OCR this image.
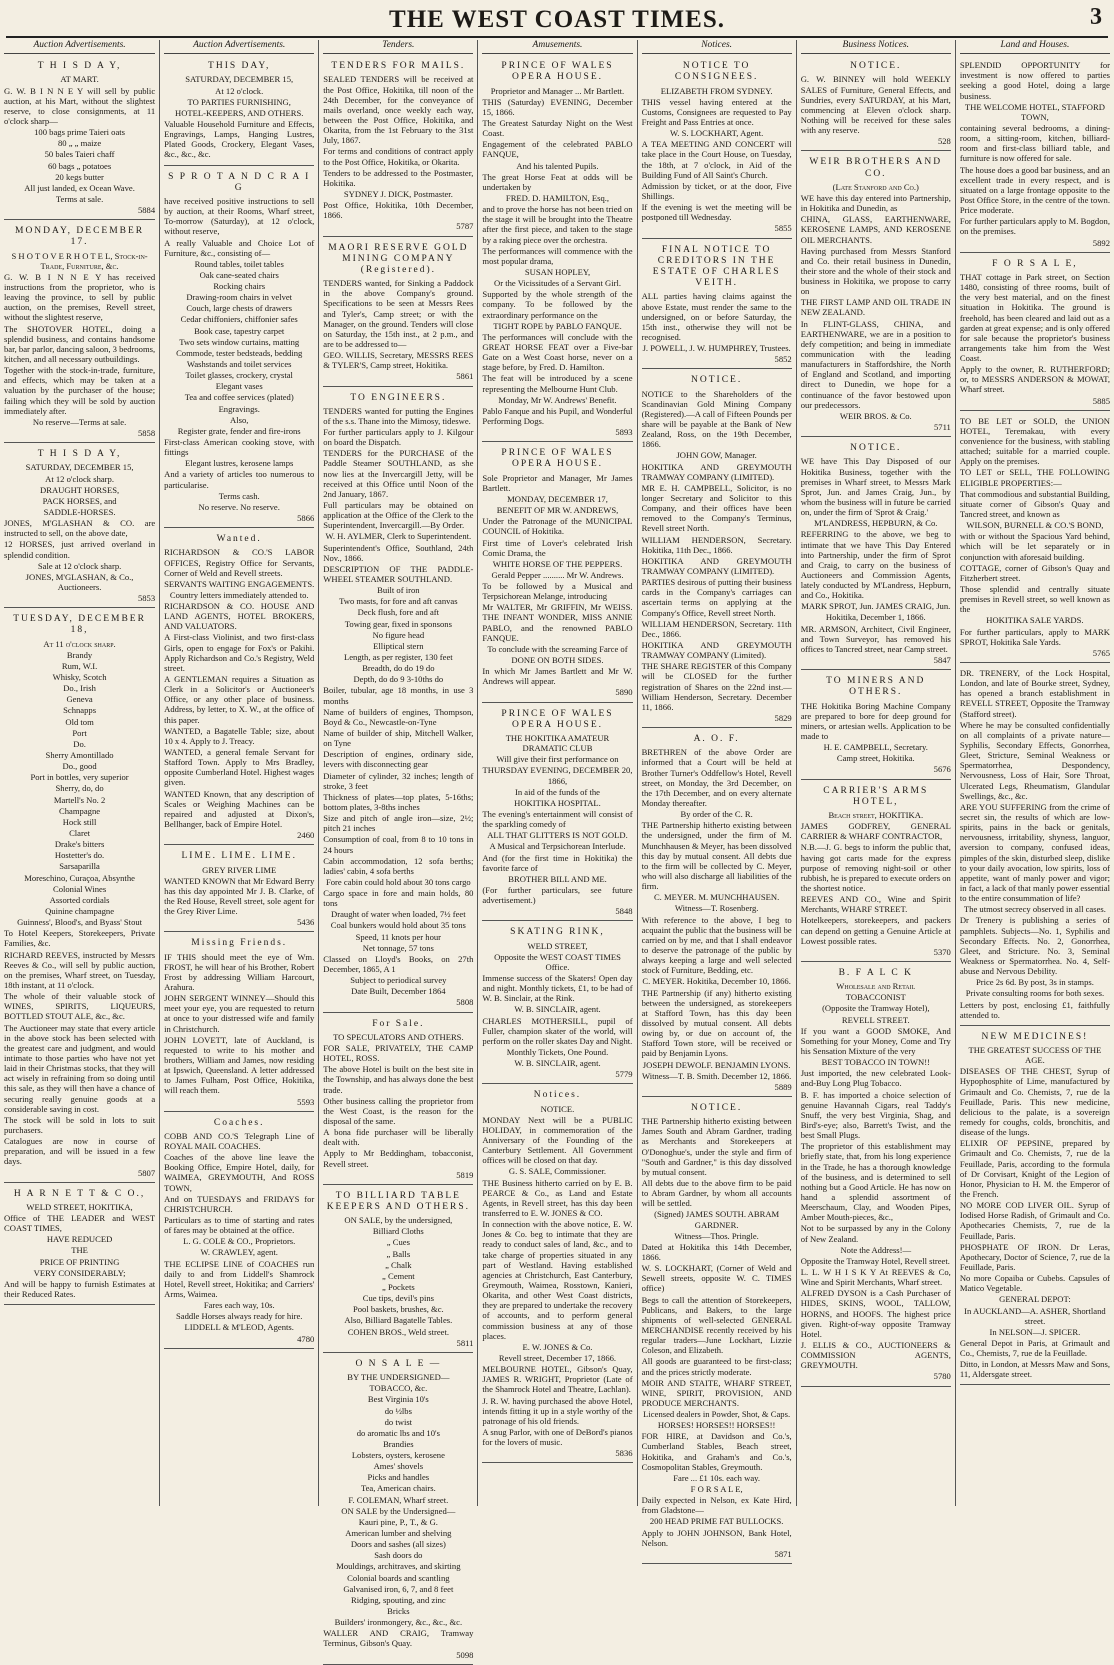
THE WEST COAST TIMES.	3
Auction Advertisements.
T H I S D A Y,
AT MART.

G. W. B I N N E Y will sell by public auction, at his Mart, without the slightest reserve, to close consignments, at 11 o'clock sharp—

100 bags prime Taieri oats

80 „ „ maize

50 bales Taieri chaff

60 bags „ potatoes

20 kegs butter

All just landed, ex Ocean Wave.

Terms at sale.

5884
MONDAY, DECEMBER 17.
S H O T O V E R H O T E L, Stock-in-Trade, Furniture, &c.

G. W. B I N N E Y has received instructions from the proprietor, who is leaving the province, to sell by public auction, on the premises, Revell street, without the slightest reserve,

The SHOTOVER HOTEL, doing a splendid business, and contains handsome bar, bar parlor, dancing saloon, 3 bedrooms, kitchen, and all necessary outbuildings.

Together with the stock-in-trade, furniture, and effects, which may be taken at a valuation by the purchaser of the house; failing which they will be sold by auction immediately after.

No reserve—Terms at sale.

5858
T H I S D A Y,
SATURDAY, DECEMBER 15,

At 12 o'clock sharp.

DRAUGHT HORSES,

PACK HORSES, and

SADDLE-HORSES.

JONES, M'GLASHAN & CO. are instructed to sell, on the above date,

12 HORSES, just arrived overland in splendid condition.

Sale at 12 o'clock sharp.

JONES, M'GLASHAN, & Co., Auctioneers.

5853
TUESDAY, DECEMBER 18,
At 11 o'clock sharp.

Brandy

Rum, W.I.

Whisky, Scotch

Do., Irish

Geneva

Schnapps

Old tom

Port

Do.

Sherry Amontillado

Do., good

Port in bottles, very superior

Sherry, do, do

Martell's No. 2

Champagne

Hock still

Claret

Drake's bitters

Hostetter's do.

Sarsaparilla

Moreschino, Curaçoa, Absynthe

Colonial Wines

Assorted cordials

Quinine champagne

Guinness', Blood's, and Byass' Stout

To Hotel Keepers, Storekeepers, Private Families, &c.

RICHARD REEVES, instructed by Messrs Reeves & Co., will sell by public auction, on the premises, Wharf street, on Tuesday, 18th instant, at 11 o'clock.

The whole of their valuable stock of WINES, SPIRITS, LIQUEURS, BOTTLED STOUT ALE, &c., &c.

The Auctioneer may state that every article in the above stock has been selected with the greatest care and judgment, and would intimate to those parties who have not yet laid in their Christmas stocks, that they will act wisely in refraining from so doing until this sale, as they will then have a chance of securing really genuine goods at a considerable saving in cost.

The stock will be sold in lots to suit purchasers.

Catalogues are now in course of preparation, and will be issued in a few days.

5807
H A R N E T T & C O.,
WELD STREET, HOKITIKA,

Office of THE LEADER and WEST COAST TIMES,

HAVE REDUCED

THE

PRICE OF PRINTING

VERY CONSIDERABLY;

And will be happy to furnish Estimates at their Reduced Rates.

Auction Advertisements.
THIS DAY,
SATURDAY, DECEMBER 15,

At 12 o'clock.

TO PARTIES FURNISHING,

HOTEL-KEEPERS, AND OTHERS.

Valuable Household Furniture and Effects, Engravings, Lamps, Hanging Lustres, Plated Goods, Crockery, Elegant Vases, &c., &c., &c.

S P R O T A N D C R A I G

have received positive instructions to sell by auction, at their Rooms, Wharf street, To-morrow (Saturday), at 12 o'clock, without reserve,

A really Valuable and Choice Lot of Furniture, &c., consisting of—

Round tables, toilet tables

Oak cane-seated chairs

Rocking chairs

Drawing-room chairs in velvet

Couch, large chests of drawers

Cedar chiffoniers, chiffonier safes

Book case, tapestry carpet

Two sets window curtains, matting

Commode, tester bedsteads, bedding

Washstands and toilet services

Toilet glasses, crockery, crystal

Elegant vases

Tea and coffee services (plated)

Engravings.

Also,

Register grate, fender and fire-irons

First-class American cooking stove, with fittings

Elegant lustres, kerosene lamps

And a variety of articles too numerous to particularise.

Terms cash.

No reserve. No reserve.

5866
Wanted.

RICHARDSON & CO.'S LABOR OFFICES, Registry Office for Servants, Corner of Weld and Revell streets.

SERVANTS WAITING ENGAGEMENTS.

Country letters immediately attended to.

RICHARDSON & CO. HOUSE AND LAND AGENTS, HOTEL BROKERS, AND VALUATORS.

A First-class Violinist, and two first-class Girls, open to engage for Fox's or Pakihi. Apply Richardson and Co.'s Registry, Weld street.

A GENTLEMAN requires a Situation as Clerk in a Solicitor's or Auctioneer's Office, or any other place of business. Address, by letter, to X. W., at the office of this paper.

WANTED, a Bagatelle Table; size, about 10 x 4. Apply to J. Treacy.

WANTED, a general female Servant for Stafford Town. Apply to Mrs Bradley, opposite Cumberland Hotel. Highest wages given.

WANTED Known, that any description of Scales or Weighing Machines can be repaired and adjusted at Dixon's, Bellhanger, back of Empire Hotel.

2460
LIME. LIME. LIME.
GREY RIVER LIME

WANTED KNOWN that Mr Edward Berry has this day appointed Mr J. B. Clarke, of the Red House, Revell street, sole agent for the Grey River Lime.

5436
Missing Friends.

IF THIS should meet the eye of Wm. FROST, he will hear of his Brother, Robert Frost by addressing William Harcourt, Arahura.

JOHN SERGENT WINNEY—Should this meet your eye, you are requested to return at once to your distressed wife and family in Christchurch.

JOHN LOVETT, late of Auckland, is requested to write to his mother and brothers, William and James, now residing at Ipswich, Queensland. A letter addressed to James Fulham, Post Office, Hokitika, will reach them.

5593
Coaches.

COBB AND CO.'S Telegraph Line of ROYAL MAIL COACHES.

Coaches of the above line leave the Booking Office, Empire Hotel, daily, for WAIMEA, GREYMOUTH, And ROSS TOWN,

And on TUESDAYS and FRIDAYS for CHRISTCHURCH.

Particulars as to time of starting and rates of fares may be obtained at the office.

L. G. COLE & CO., Proprietors.

W. CRAWLEY, agent.

THE ECLIPSE LINE of COACHES run daily to and from Liddell's Shamrock Hotel, Revell street, Hokitika; and Carriers' Arms, Waimea.

Fares each way, 10s.

Saddle Horses always ready for hire.

LIDDELL & M'LEOD, Agents.

4780
Tenders.
TENDERS FOR MAILS.

SEALED TENDERS will be received at the Post Office, Hokitika, till noon of the 24th December, for the conveyance of mails overland, once weekly each way, between the Post Office, Hokitika, and Okarita, from the 1st February to the 31st July, 1867.

For terms and conditions of contract apply to the Post Office, Hokitika, or Okarita.

Tenders to be addressed to the Postmaster, Hokitika.

SYDNEY J. DICK, Postmaster.

Post Office, Hokitika, 10th December, 1866.

5787
MAORI RESERVE GOLD MINING COMPANY (Registered).

TENDERS wanted, for Sinking a Paddock in the above Company's ground. Specifications to be seen at Messrs Rees and Tyler's, Camp street; or with the Manager, on the ground. Tenders will close on Saturday, the 15th inst., at 2 p.m., and are to be addressed to—

GEO. WILLIS, Secretary, MESSRS REES & TYLER'S, Camp street, Hokitika.

5861
TO ENGINEERS.

TENDERS wanted for putting the Engines of the s.s. Thane into the Mimosy, tideswe.

For further particulars apply to J. Kilgour on board the Dispatch.

TENDERS for the PURCHASE of the Paddle Steamer SOUTHLAND, as she now lies at the Invercargill Jetty, will be received at this Office until Noon of the 2nd January, 1867.

Full particulars may be obtained on application at the Office of the Clerk to the Superintendent, Invercargill.—By Order.

W. H. AYLMER, Clerk to Superintendent.

Superintendent's Office, Southland, 24th Nov., 1866.

DESCRIPTION OF THE PADDLE-WHEEL STEAMER SOUTHLAND.

Built of iron

Two masts, for fore and aft canvas

Deck flush, fore and aft

Towing gear, fixed in sponsons

No figure head

Elliptical stern

Length, as per register, 130 feet

Breadth, do do 19 do

Depth, do do 9 3-10ths do

Boiler, tubular, age 18 months, in use 3 months

Name of builders of engines, Thompson, Boyd & Co., Newcastle-on-Tyne

Name of builder of ship, Mitchell Walker, on Tyne

Description of engines, ordinary side, levers with disconnecting gear

Diameter of cylinder, 32 inches; length of stroke, 3 feet

Thickness of plates—top plates, 5-16ths; bottom plates, 3-8ths inches

Size and pitch of angle iron—size, 2½; pitch 21 inches

Consumption of coal, from 8 to 10 tons in 24 hours

Cabin accommodation, 12 sofa berths; ladies' cabin, 4 sofa berths

Fore cabin could hold about 30 tons cargo

Cargo space in fore and main holds, 80 tons

Draught of water when loaded, 7½ feet

Coal bunkers would hold about 35 tons

Speed, 11 knots per hour

Net tonnage, 57 tons

Classed on Lloyd's Books, on 27th December, 1865, A 1

Subject to periodical survey

Date Built, December 1864

5808
For Sale.
TO SPECULATORS AND OTHERS.

FOR SALE, PRIVATELY, THE CAMP HOTEL, ROSS.

The above Hotel is built on the best site in the Township, and has always done the best trade.

Other business calling the proprietor from the West Coast, is the reason for the disposal of the same.

A bona fide purchaser will be liberally dealt with.

Apply to Mr Beddingham, tobacconist, Revell street.

5819
TO BILLIARD TABLE KEEPERS AND OTHERS.

ON SALE, by the undersigned,

Billiard Cloths

„ Cues

„ Balls

„ Chalk

„ Cement

„ Pockets

Cue tips, devil's pins

Pool baskets, brushes, &c.

Also, Billiard Bagatelle Tables.

COHEN BROS., Weld street.

5811
O N S A L E —
BY THE UNDERSIGNED—

TOBACCO, &c.

Best Virginia 10's

do ½lbs

do twist

do aromatic lbs and 10's

Brandies

Lobsters, oysters, kerosene

Ames' shovels

Picks and handles

Tea, American chairs.

F. COLEMAN, Wharf street.

ON SALE by the Undersigned—

Kauri pine, P., T., & G.

American lumber and shelving

Doors and sashes (all sizes)

Sash doors do

Mouldings, architraves, and skirting

Colonial boards and scantling

Galvanised iron, 6, 7, and 8 feet

Ridging, spouting, and zinc

Bricks

Builders' ironmongery, &c., &c., &c.

WALLER AND CRAIG, Tramway Terminus, Gibson's Quay.

5098
Amusements.
PRINCE OF WALES OPERA HOUSE.

Proprietor and Manager ... Mr Bartlett.

THIS (Saturday) EVENING, December 15, 1866.

The Greatest Saturday Night on the West Coast.

Engagement of the celebrated PABLO FANQUE,

And his talented Pupils.

The great Horse Feat at odds will be undertaken by

FRED. D. HAMILTON, Esq.,

and to prove the horse has not been tried on the stage it will be brought into the Theatre after the first piece, and taken to the stage by a raking piece over the orchestra.

The performances will commence with the most popular drama,

SUSAN HOPLEY,

Or the Vicissitudes of a Servant Girl.

Supported by the whole strength of the company. To be followed by the extraordinary performance on the

TIGHT ROPE by PABLO FANQUE.

The performances will conclude with the GREAT HORSE FEAT over a Five-bar Gate on a West Coast horse, never on a stage before, by Fred. D. Hamilton.

The feat will be introduced by a scene representing the Melbourne Hunt Club.

Monday, Mr W. Andrews' Benefit.

Pablo Fanque and his Pupil, and Wonderful Performing Dogs.

5893
PRINCE OF WALES OPERA HOUSE.

Sole Proprietor and Manager, Mr James Bartlett.

MONDAY, DECEMBER 17,

BENEFIT OF MR W. ANDREWS,

Under the Patronage of the MUNICIPAL COUNCIL of Hokitika.

First time of Lover's celebrated Irish Comic Drama, the

WHITE HORSE OF THE PEPPERS.

Gerald Pepper .......... Mr W. Andrews.

To be followed by a Musical and Terpsichorean Melange, introducing

Mr WALTER, Mr GRIFFIN, Mr WEISS. THE INFANT WONDER, MISS ANNIE PABLO, and the renowned PABLO FANQUE.

To conclude with the screaming Farce of

DONE ON BOTH SIDES.

In which Mr James Bartlett and Mr W. Andrews will appear.

5890
PRINCE OF WALES OPERA HOUSE.
THE HOKITIKA AMATEUR DRAMATIC CLUB

Will give their first performance on

THURSDAY EVENING, DECEMBER 20, 1866,

In aid of the funds of the

HOKITIKA HOSPITAL.

The evening's entertainment will consist of the sparkling comedy of

ALL THAT GLITTERS IS NOT GOLD.

A Musical and Terpsichorean Interlude.

And (for the first time in Hokitika) the favorite farce of

BROTHER BILL AND ME.

(For further particulars, see future advertisement.)

5848
SKATING RINK,
WELD STREET,

Opposite the WEST COAST TIMES Office.

Immense success of the Skaters! Open day and night. Monthly tickets, £1, to be had of W. B. Sinclair, at the Rink.

W. B. SINCLAIR, agent.

CHARLES MOTHERSILL, pupil of Fuller, champion skater of the world, will perform on the roller skates Day and Night.

Monthly Tickets, One Pound.

W. B. SINCLAIR, agent.

5779
Notices.
NOTICE.

MONDAY Next will be a PUBLIC HOLIDAY, in commemoration of the Anniversary of the Founding of the Canterbury Settlement. All Government offices will be closed on that day.

G. S. SALE, Commissioner.

THE Business hitherto carried on by E. B. PEARCE & Co., as Land and Estate Agents, in Revell street, has this day been transferred to E. W. JONES & CO.

In connection with the above notice, E. W. Jones & Co. beg to intimate that they are ready to conduct sales of land, &c., and to take charge of properties situated in any part of Westland. Having established agencies at Christchurch, East Canterbury, Greymouth, Waimea, Rosstown, Kanieri, Okarita, and other West Coast districts, they are prepared to undertake the recovery of accounts, and to perform general commission business at any of those places.

E. W. JONES & Co.

Revell street, December 17, 1866.

MELBOURNE HOTEL, Gibson's Quay, JAMES R. WRIGHT, Proprietor (Late of the Shamrock Hotel and Theatre, Lachlan).

J. R. W. having purchased the above Hotel, intends fitting it up in a style worthy of the patronage of his old friends.

A snug Parlor, with one of DeBord's pianos for the lovers of music.

5836
Notices.
NOTICE TO CONSIGNEES.
ELIZABETH FROM SYDNEY.

THIS vessel having entered at the Customs, Consignees are requested to Pay Freight and Pass Entries at once.

W. S. LOCKHART, Agent.

A TEA MEETING AND CONCERT will take place in the Court House, on Tuesday, the 18th, at 7 o'clock, in Aid of the Building Fund of All Saint's Church.

Admission by ticket, or at the door, Five Shillings.

If the evening is wet the meeting will be postponed till Wednesday.

5855
FINAL NOTICE TO CREDITORS IN THE ESTATE OF CHARLES VEITH.

ALL parties having claims against the above Estate, must render the same to the undersigned, on or before Saturday, the 15th inst., otherwise they will not be recognised.

J. POWELL, J. W. HUMPHREY, Trustees.

5852
NOTICE.

NOTICE to the Shareholders of the Scandinavian Gold Mining Company (Registered).—A call of Fifteen Pounds per share will be payable at the Bank of New Zealand, Ross, on the 19th December, 1866.

JOHN GOW, Manager.

HOKITIKA AND GREYMOUTH TRAMWAY COMPANY (LIMITED).

MR E. H. CAMPBELL, Solicitor, is no longer Secretary and Solicitor to this Company, and their offices have been removed to the Company's Terminus, Revell street North.

WILLIAM HENDERSON, Secretary. Hokitika, 11th Dec., 1866.

HOKITIKA AND GREYMOUTH TRAMWAY COMPANY (LIMITED).

PARTIES desirous of putting their business cards in the Company's carriages can ascertain terms on applying at the Company's Office, Revell street North.

WILLIAM HENDERSON, Secretary. 11th Dec., 1866.

HOKITIKA AND GREYMOUTH TRAMWAY COMPANY (Limited).

THE SHARE REGISTER of this Company will be CLOSED for the further registration of Shares on the 22nd inst.—William Henderson, Secretary. December 11, 1866.

5829
A. O. F.

BRETHREN of the above Order are informed that a Court will be held at Brother Turner's Oddfellow's Hotel, Revell street, on Monday, the 3rd December, on the 17th December, and on every alternate Monday thereafter.

By order of the C. R.

THE Partnership hitherto existing between the undersigned, under the firm of M. Munchhausen & Meyer, has been dissolved this day by mutual consent. All debts due to the firm will be collected by C. Meyer, who will also discharge all liabilities of the firm.

C. MEYER. M. MUNCHHAUSEN.

Witness—T. Rosenberg.

With reference to the above, I beg to acquaint the public that the business will be carried on by me, and that I shall endeavor to deserve the patronage of the public by always keeping a large and well selected stock of Furniture, Bedding, etc.

C. MEYER. Hokitika, December 10, 1866.

THE Partnership (if any) hitherto existing between the undersigned, as storekeepers at Stafford Town, has this day been dissolved by mutual consent. All debts owing by, or due on account of, the Stafford Town store, will be received or paid by Benjamin Lyons.

JOSEPH DEWOLF. BENJAMIN LYONS.

Witness—T. B. Smith. December 12, 1866.

5889
NOTICE.

THE Partnership hitherto existing between James South and Abram Gardner, trading as Merchants and Storekeepers at O'Donoghue's, under the style and firm of "South and Gardner," is this day dissolved by mutual consent.

All debts due to the above firm to be paid to Abram Gardner, by whom all accounts will be settled.

(Signed) JAMES SOUTH. ABRAM GARDNER.

Witness—Thos. Pringle.

Dated at Hokitika this 14th December, 1866.

W. S. LOCKHART, (Corner of Weld and Sewell streets, opposite W. C. TIMES office)

Begs to call the attention of Storekeepers, Publicans, and Bakers, to the large shipments of well-selected GENERAL MERCHANDISE recently received by his regular traders—June Lockhart, Lizzie Coleson, and Elizabeth.

All goods are guaranteed to be first-class; and the prices strictly moderate.

MOIR AND STAITE, WHARF STREET, WINE, SPIRIT, PROVISION, AND PRODUCE MERCHANTS.

Licensed dealers in Powder, Shot, & Caps.

HORSES! HORSES!! HORSES!!

FOR HIRE, at Davidson and Co.'s, Cumberland Stables, Beach street, Hokitika, and Graham's and Co.'s, Cosmopolitan Stables, Greymouth.

Fare ... £1 10s. each way.

F O R S A L E,

Daily expected in Nelson, ex Kate Hird, from Gladstone—

200 HEAD PRIME FAT BULLOCKS.

Apply to JOHN JOHNSON, Bank Hotel, Nelson.

5871
Business Notices.
NOTICE.

G. W. BINNEY will hold WEEKLY SALES of Furniture, General Effects, and Sundries, every SATURDAY, at his Mart, commencing at Eleven o'clock sharp. Nothing will be received for these sales with any reserve.

528
WEIR BROTHERS AND CO.
(Late Stanford and Co.)

WE have this day entered into Partnership, in Hokitika and Dunedin, as

CHINA, GLASS, EARTHENWARE, KEROSENE LAMPS, AND KEROSENE OIL MERCHANTS.

Having purchased from Messrs Stanford and Co. their retail business in Dunedin, their store and the whole of their stock and business in Hokitika, we propose to carry on

THE FIRST LAMP AND OIL TRADE IN NEW ZEALAND.

In FLINT-GLASS, CHINA, and EARTHENWARE, we are in a position to defy competition; and being in immediate communication with the leading manufacturers in Staffordshire, the North of England and Scotland, and importing direct to Dunedin, we hope for a continuance of the favor bestowed upon our predecessors.

WEIR BROS. & Co.

5711
NOTICE.

WE have This Day Disposed of our Hokitika Business, together with the premises in Wharf street, to Messrs Mark Sprot, Jun. and James Craig, Jun., by whom the business will in future be carried on, under the firm of 'Sprot & Craig.'

M'LANDRESS, HEPBURN, & Co.

REFERRING to the above, we beg to intimate that we have This Day Entered into Partnership, under the firm of Sprot and Craig, to carry on the business of Auctioneers and Commission Agents, lately conducted by M'Landress, Hepburn, and Co., Hokitika.

MARK SPROT, Jun. JAMES CRAIG, Jun.

Hokitika, December 1, 1866.

MR. ARMSON, Architect, Civil Engineer, and Town Surveyor, has removed his offices to Tancred street, near Camp street.

5847
TO MINERS AND OTHERS.

THE Hokitika Boring Machine Company are prepared to bore for deep ground for miners, or artesian wells. Application to be made to

H. E. CAMPBELL, Secretary.

Camp street, Hokitika.

5676
CARRIER'S ARMS HOTEL,
Beach street, HOKITIKA.

JAMES GODFREY, GENERAL CARRIER & WHARF CONTRACTOR,

N.B.—J. G. begs to inform the public that, having got carts made for the express purpose of removing night-soil or other rubbish, he is prepared to execute orders on the shortest notice.

REEVES AND CO., Wine and Spirit Merchants, WHARF STREET.

Hotelkeepers, storekeepers, and packers can depend on getting a Genuine Article at Lowest possible rates.

5370
B. F A L C K
Wholesale and Retail

TOBACCONIST

(Opposite the Tramway Hotel),

REVELL STREET.

If you want a GOOD SMOKE, And Something for your Money, Come and Try his Sensation Mixture of the very

BEST TOBACCO IN TOWN!!

Just imported, the new celebrated Look-and-Buy Long Plug Tobacco.

B. F. has imported a choice selection of genuine Havannah Cigars, real Taddy's Snuff, the very best Virginia, Shag, and Bird's-eye; also, Barrett's Twist, and the best Small Plugs.

The proprietor of this establishment may briefly state, that, from his long experience in the Trade, he has a thorough knowledge of the business, and is determined to sell nothing but a Good Article. He has now on hand a splendid assortment of Meerschaum, Clay, and Wooden Pipes, Amber Mouth-pieces, &c.,

Not to be surpassed by any in the Colony of New Zealand.

Note the Address!—

Opposite the Tramway Hotel, Revell street.

L. L. W H I S K Y At REEVES & Co, Wine and Spirit Merchants, Wharf street.

ALFRED DYSON is a Cash Purchaser of HIDES, SKINS, WOOL, TALLOW, HORNS, and HOOFS. The highest price given. Right-of-way opposite Tramway Hotel.

J. ELLIS & CO., AUCTIONEERS & COMMISSION AGENTS, GREYMOUTH.

5780
Land and Houses.

SPLENDID OPPORTUNITY for investment is now offered to parties seeking a good Hotel, doing a large business.

THE WELCOME HOTEL, STAFFORD TOWN,

containing several bedrooms, a dining-room, a sitting-room, kitchen, billiard-room and first-class billiard table, and furniture is now offered for sale.

The house does a good bar business, and an excellent trade in every respect, and is situated on a large frontage opposite to the Post Office Store, in the centre of the town. Price moderate.

For further particulars apply to M. Bogdon, on the premises.

5892
F O R S A L E,

THAT cottage in Park street, on Section 1480, consisting of three rooms, built of the very best material, and on the finest situation in Hokitika. The ground is freehold, has been cleared and laid out as a garden at great expense; and is only offered for sale because the proprietor's business arrangements take him from the West Coast.

Apply to the owner, R. RUTHERFORD; or, to MESSRS ANDERSON & MOWAT, Wharf street.

5885

TO BE LET or SOLD, the UNION HOTEL, Teremakau, with every convenience for the business, with stabling attached; suitable for a married couple. Apply on the premises.

TO LET or SELL, THE FOLLOWING ELIGIBLE PROPERTIES:—

That commodious and substantial Building, situate corner of Gibson's Quay and Tancred street, and known as

WILSON, BURNELL & CO.'S BOND,

with or without the Spacious Yard behind, which will be let separately or in conjunction with aforesaid building.

COTTAGE, corner of Gibson's Quay and Fitzherbert street.

Those splendid and centrally situate premises in Revell street, so well known as the

HOKITIKA SALE YARDS.

For further particulars, apply to MARK SPROT, Hokitika Sale Yards.

5765

DR. TRENERY, of the Lock Hospital, London, and late of Bourke street, Sydney, has opened a branch establishment in REVELL STREET, Opposite the Tramway (Stafford street).

Where he may be consulted confidentially on all complaints of a private nature—Syphilis, Secondary Effects, Gonorrhea, Gleet, Stricture, Seminal Weakness or Spermatorrhea, Despondency, Nervousness, Loss of Hair, Sore Throat, Ulcerated Legs, Rheumatism, Glandular Swellings, &c., &c.

ARE YOU SUFFERING from the crime of secret sin, the results of which are low-spirits, pains in the back or genitals, nervousness, irritability, shyness, languor, aversion to company, confused ideas, pimples of the skin, disturbed sleep, dislike to your daily avocation, low spirits, loss of appetite, want of manly power and vigor; in fact, a lack of that manly power essential to the entire consummation of life?

The utmost secrecy observed in all cases.

Dr Trenery is publishing a series of pamphlets. Subjects—No. 1, Syphilis and Secondary Effects. No. 2, Gonorrhea, Gleet, and Stricture. No. 3, Seminal Weakness or Spermatorrhea. No. 4, Self-abuse and Nervous Debility.

Price 2s 6d. By post, 3s in stamps.

Private consulting rooms for both sexes.

Letters by post, enclosing £1, faithfully attended to.

NEW MEDICINES!
THE GREATEST SUCCESS OF THE AGE.

DISEASES OF THE CHEST, Syrup of Hypophosphite of Lime, manufactured by Grimault and Co. Chemists, 7, rue de la Feuillade, Paris. This new medicine, delicious to the palate, is a sovereign remedy for coughs, colds, bronchitis, and disease of the lungs.

ELIXIR OF PEPSINE, prepared by Grimault and Co. Chemists, 7, rue de la Feuillade, Paris, according to the formula of Dr Corvisart, Knight of the Legion of Honor, Physician to H. M. the Emperor of the French.

NO MORE COD LIVER OIL. Syrup of Iodised Horse Radish, of Grimault and Co. Apothecaries Chemists, 7, rue de la Feuillade, Paris.

PHOSPHATE OF IRON. Dr Leras, Apothecary, Doctor of Science, 7, rue de la Feuillade, Paris.

No more Copaiba or Cubebs. Capsules of Matico Vegetable.

GENERAL DEPOT:

In AUCKLAND—A. ASHER, Shortland street.

In NELSON—J. SPICER.

General Depot in Paris, at Grimault and Co., Chemists, 7, rue de la Feuillade.

Ditto, in London, at Messrs Maw and Sons, 11, Aldersgate street.
